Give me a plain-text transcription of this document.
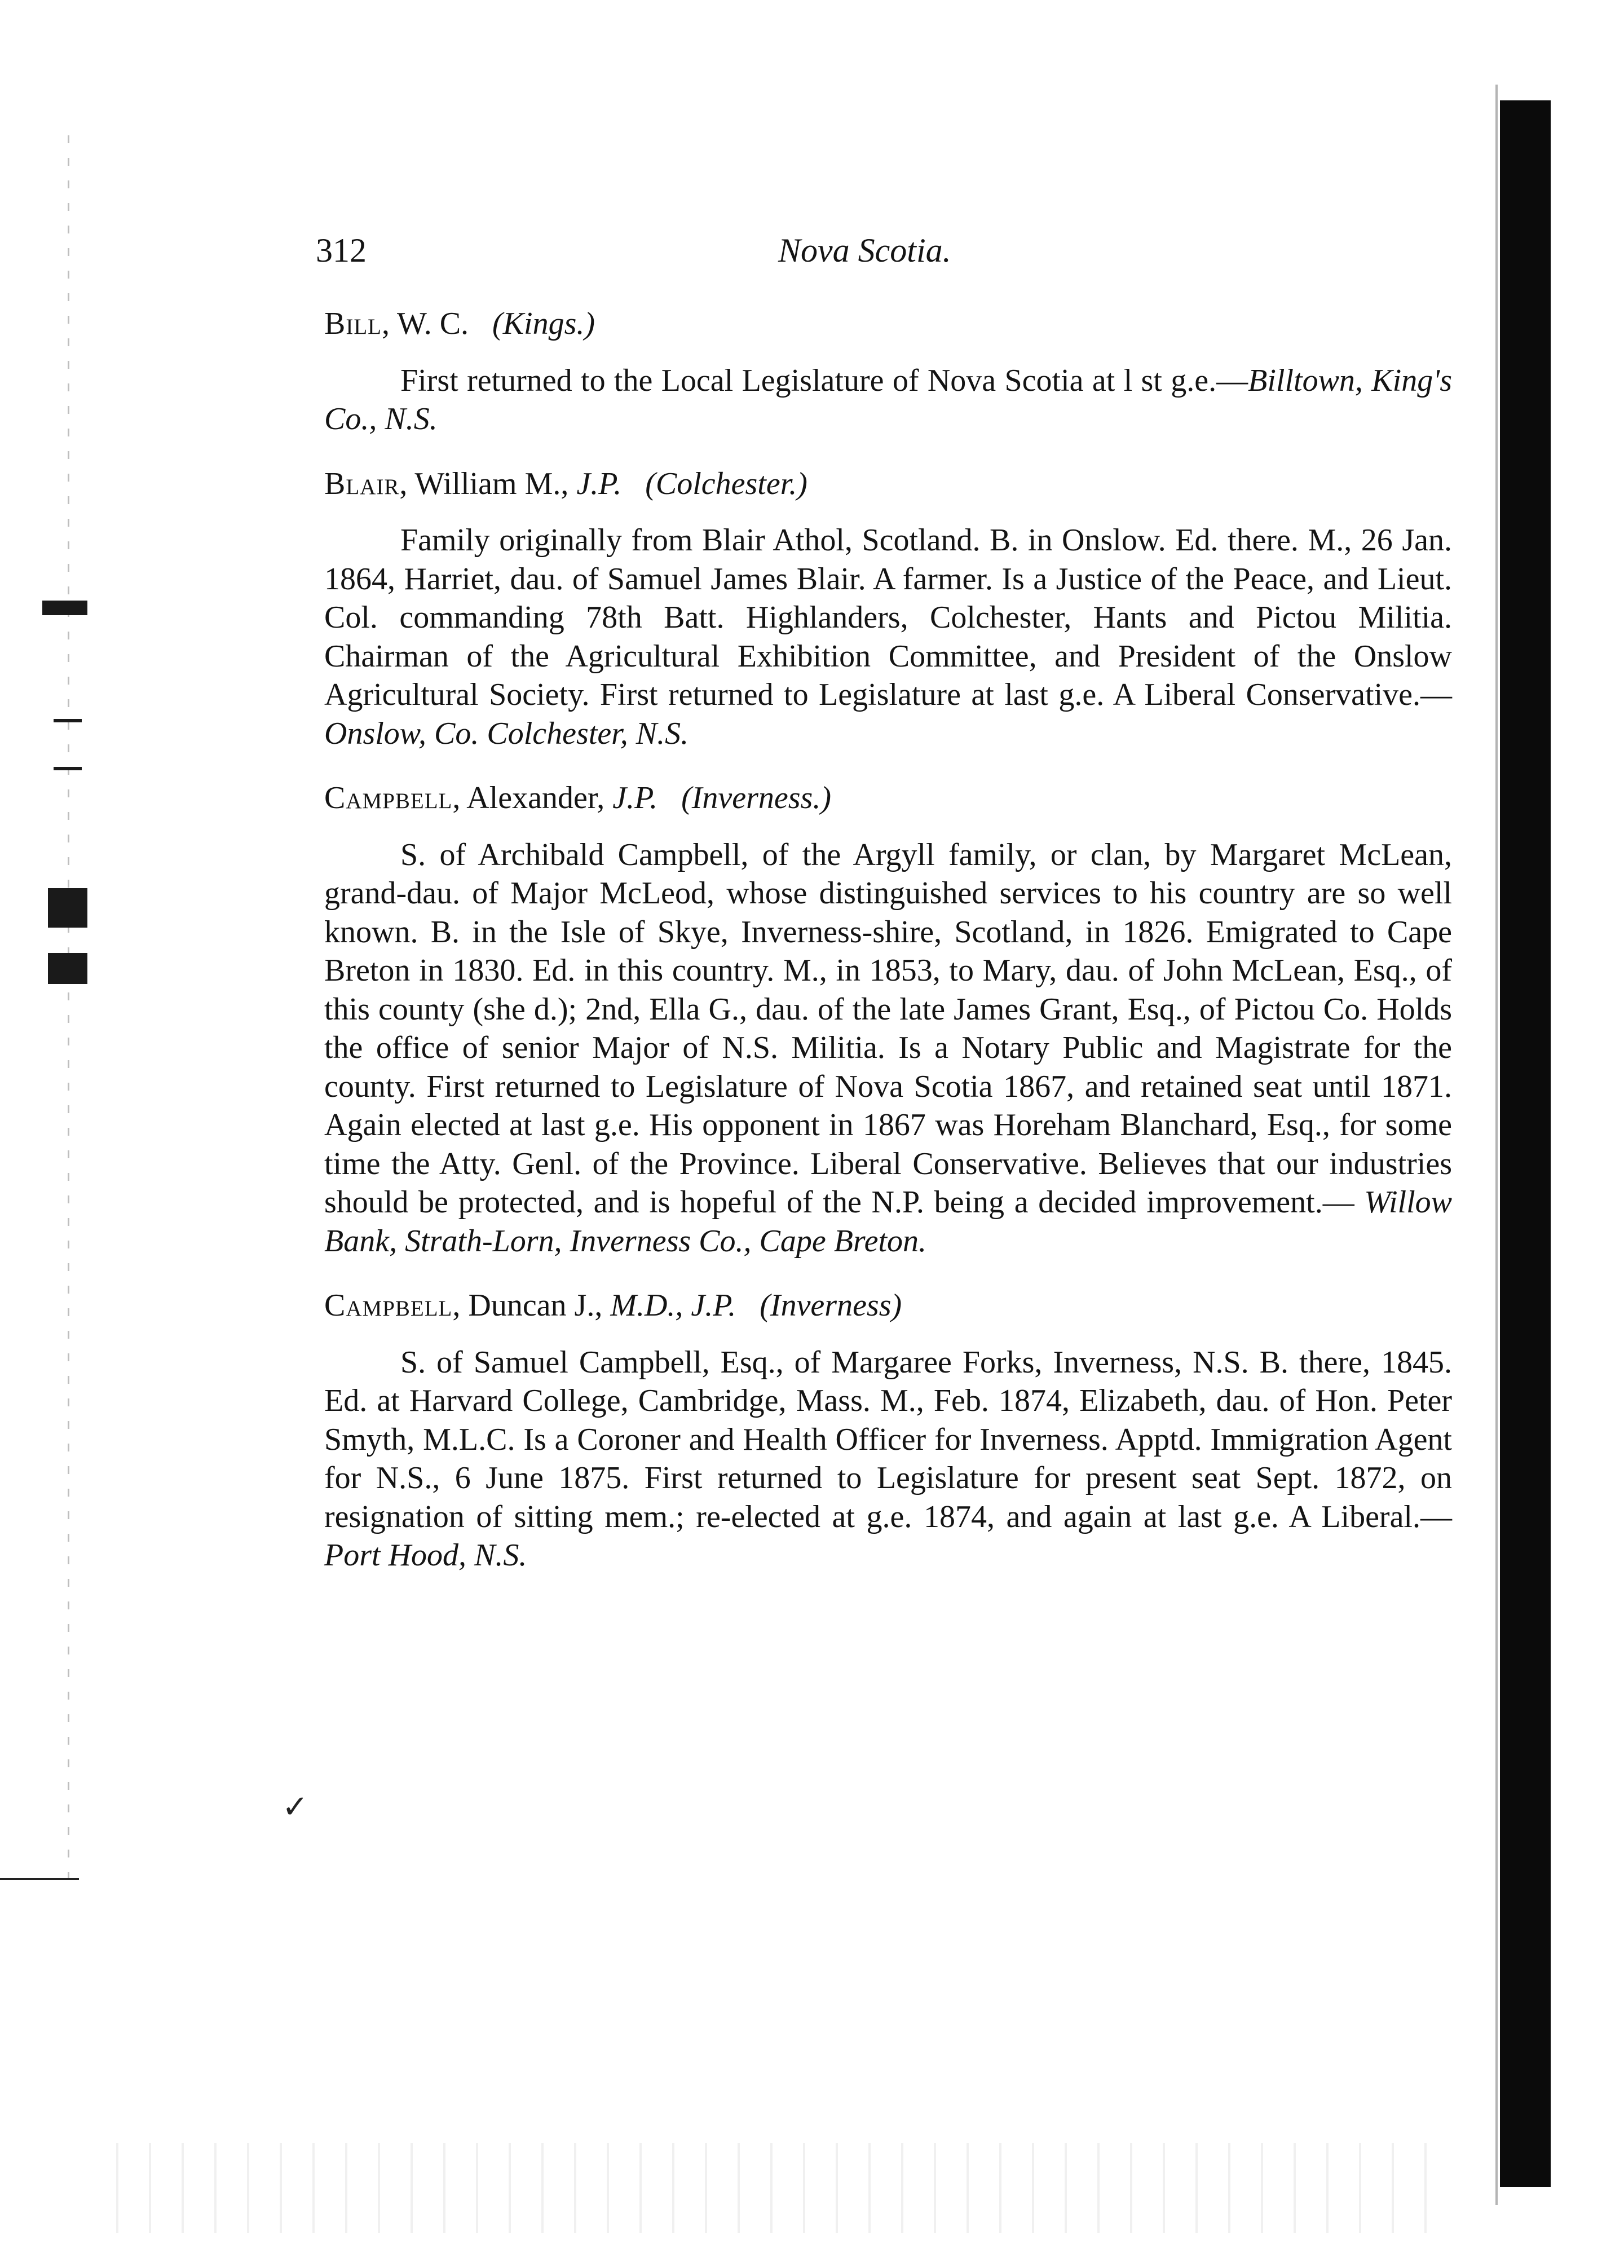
312	Nova Scotia.
✓
Bill, W. C. (Kings.)

First returned to the Local Legislature of Nova Scotia at l st g.e.—Billtown, King's Co., N.S.

Blair, William M., J.P. (Colchester.)

Family originally from Blair Athol, Scotland. B. in Onslow. Ed. there. M., 26 Jan. 1864, Harriet, dau. of Samuel James Blair. A farmer. Is a Justice of the Peace, and Lieut. Col. commanding 78th Batt. Highlanders, Colchester, Hants and Pictou Militia. Chairman of the Agricultural Exhibition Committee, and President of the Onslow Agricultural Society. First returned to Legislature at last g.e. A Liberal Conservative.— Onslow, Co. Colchester, N.S.

Campbell, Alexander, J.P. (Inverness.)

S. of Archibald Campbell, of the Argyll family, or clan, by Margaret McLean, grand-dau. of Major McLeod, whose distinguished services to his country are so well known. B. in the Isle of Skye, Inverness-shire, Scotland, in 1826. Emigrated to Cape Breton in 1830. Ed. in this country. M., in 1853, to Mary, dau. of John McLean, Esq., of this county (she d.); 2nd, Ella G., dau. of the late James Grant, Esq., of Pictou Co. Holds the office of senior Major of N.S. Militia. Is a Notary Public and Magistrate for the county. First returned to Legislature of Nova Scotia 1867, and retained seat until 1871. Again elected at last g.e. His opponent in 1867 was Horeham Blanchard, Esq., for some time the Atty. Genl. of the Province. Liberal Conservative. Believes that our industries should be protected, and is hopeful of the N.P. being a decided improvement.— Willow Bank, Strath-Lorn, Inverness Co., Cape Breton.

Campbell, Duncan J., M.D., J.P. (Inverness)

S. of Samuel Campbell, Esq., of Margaree Forks, Inverness, N.S. B. there, 1845. Ed. at Harvard College, Cambridge, Mass. M., Feb. 1874, Elizabeth, dau. of Hon. Peter Smyth, M.L.C. Is a Coroner and Health Officer for Inverness. Apptd. Immigration Agent for N.S., 6 June 1875. First returned to Legislature for present seat Sept. 1872, on resignation of sitting mem.; re-elected at g.e. 1874, and again at last g.e. A Liberal.— Port Hood, N.S.
